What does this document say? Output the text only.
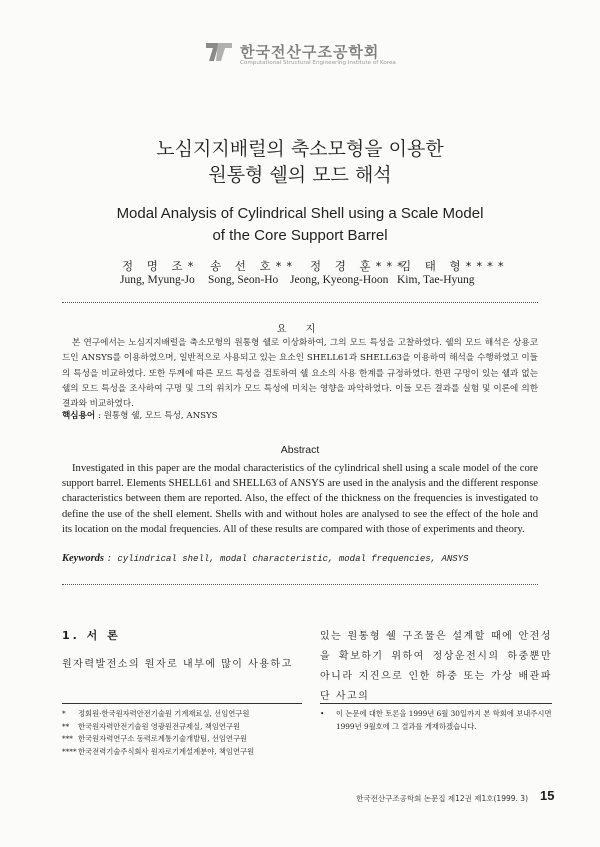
한국전산구조공학회
Computational Structural Engineering Institute of Korea
노심지지배럴의 축소모형을 이용한
원통형 쉘의 모드 해석
Modal Analysis of Cylindrical Shell using a Scale Model
of the Core Support Barrel
정 명 조* 송 선 호** 정 경 훈***
김 태 형****
Jung, Myung-Jo Song, Seon-Ho Jeong, Kyeong-Hoon Kim, Tae-Hyung
요 지

본 연구에서는 노심지지배럴을 축소모형의 원통형 쉘로 이상화하여, 그의 모드 특성을 고찰하였다. 쉘의 모드 해석은 상용코드인 ANSYS를 이용하였으며, 일반적으로 사용되고 있는 요소인 SHELL61과 SHELL63을 이용하여 해석을 수행하였고 이들의 특성을 비교하였다. 또한 두께에 따른 모드 특성을 검토하여 쉘 요소의 사용 한계를 규정하였다. 한편 구멍이 있는 쉘과 없는 쉘의 모드 특성을 조사하여 구멍 및 그의 위치가 모드 특성에 미치는 영향을 파악하였다. 이들 모든 결과를 실험 및 이론에 의한 결과와 비교하였다.

핵심용어 : 원통형 쉘, 모드 특성, ANSYS
Abstract

Investigated in this paper are the modal characteristics of the cylindrical shell using a scale model of the core support barrel. Elements SHELL61 and SHELL63 of ANSYS are used in the analysis and the different response characteristics between them are reported. Also, the effect of the thickness on the frequencies is investigated to define the use of the shell element. Shells with and without holes are analysed to see the effect of the hole and its location on the modal frequencies. All of these results are compared with those of experiments and theory.

Keywords : cylindrical shell, modal characteristic, modal frequencies, ANSYS
1. 서 론
원자력발전소의 원자로 내부에 많이 사용하고

있는 원통형 쉘 구조물은 설계할 때에 안전성을 확보하기 위하여 정상운전시의 하중뿐만 아니라 지진으로 인한 하중 또는 가상 배관파단 사고의

* 정회원·한국원자력안전기술원 기계재료실, 선임연구원
** 한국원자력안전기술원 영광원전규제실, 책임연구원
*** 한국원자력연구소 동력로계통기술개발팀, 선임연구원
**** 한국전력기술주식회사 원자로기계설계분야, 책임연구원
• 이 논문에 대한 토론을 1999년 6월 30일까지 본 학회에 보내주시면 1999년 9월호에 그 결과를 게재하겠습니다.
한국전산구조공학회 논문집 제12권 제1호(1999. 3) 15
